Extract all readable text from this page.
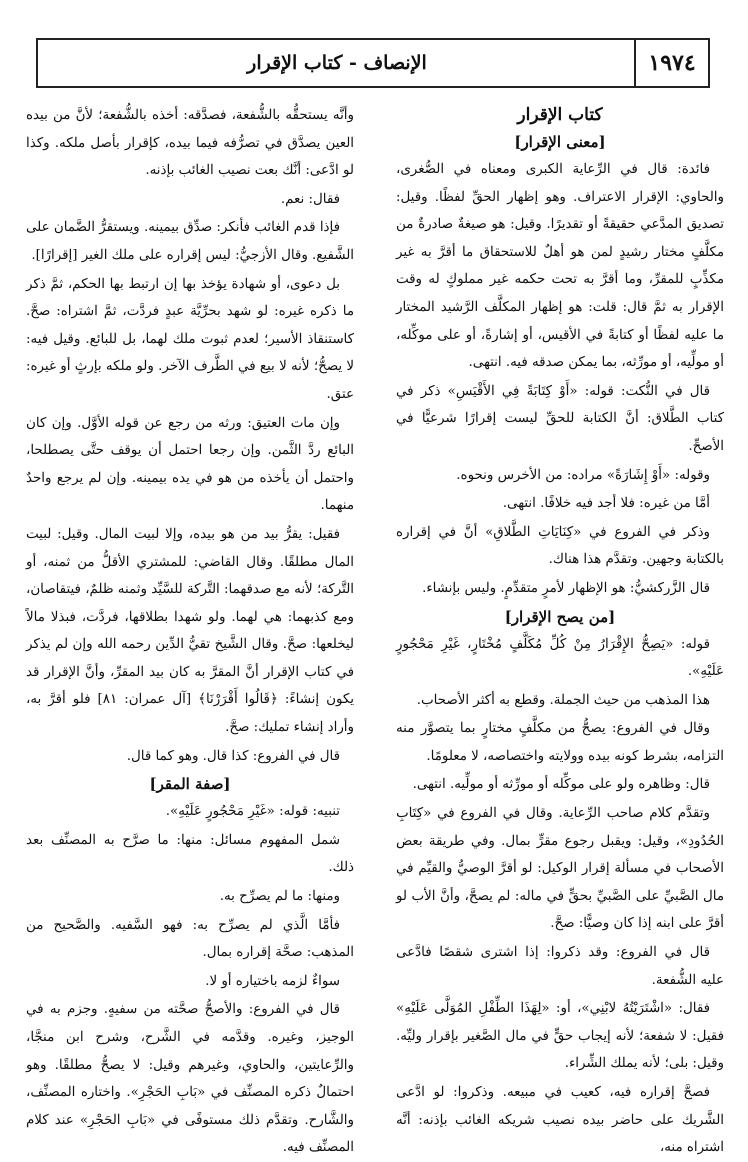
١٩٧٤
الإنصاف - كتاب الإقرار
كتاب الإقرار
[معنى الإقرار]

فائدة: قال في الرِّعاية الكبرى ومعناه في الصُّغرى، والحاوي: الإقرار الاعتراف. وهو إظهار الحقِّ لفظًا. وقيل: تصديق المدَّعي حقيقةً أو تقديرًا. وقيل: هو صيغةٌ صادرةٌ من مكلَّفٍ مختار رشيدٍ لمن هو أهلٌ للاستحقاق ما أقرَّ به غير مكذِّبٍ للمقرِّ، وما أقرَّ به تحت حكمه غير مملوكٍ له وقت الإقرار به ثمَّ قال: قلت: هو إظهار المكلَّف الرَّشيد المختار ما عليه لفظًا أو كتابةً في الأقيس، أو إشارةً، أو على موكِّله، أو مولِّيه، أو مورِّثه، بما يمكن صدقه فيه. انتهى.

قال في النُّكت: قوله: «أَوْ كِتَابَةً فِي الأَقْيَسِ» ذكر في كتاب الطَّلاق: أنَّ الكتابة للحقِّ ليست إقرارًا شرعيًّا في الأصحِّ.

وقوله: «أَوْ إِشَارَةً» مراده: من الأخرس ونحوه.

أمَّا من غيره: فلا أجد فيه خلافًا. انتهى.

وذكر في الفروع في «كِنَايَاتِ الطَّلاقِ» أنَّ في إقراره بالكتابة وجهين. وتقدَّم هذا هناك.

قال الزَّركشيُّ: هو الإظهار لأمرٍ متقدِّمٍ. وليس بإنشاء.

[من يصح الإقرار]

قوله: «يَصِحُّ الإِقْرَارُ مِنْ كُلِّ مُكَلَّفٍ مُخْتَارٍ، غَيْرِ مَحْجُورٍ عَلَيْهِ».

هذا المذهب من حيث الجملة. وقطع به أكثر الأصحاب.

وقال في الفروع: يصحُّ من مكلَّفٍ مختارٍ بما يتصوَّر منه التزامه، بشرط كونه بيده وولايته واختصاصه، لا معلومًا.

قال: وظاهره ولو على موكِّله أو مورِّثه أو مولِّيه. انتهى.

وتقدَّم كلام صاحب الرِّعاية. وقال في الفروع في «كِتَابِ الحُدُودِ»، وقيل: ويقبل رجوع مقرٍّ بمال. وفي طريقة بعض الأصحاب في مسألة إقرار الوكيل: لو أقرَّ الوصيُّ والقيِّم في مال الصَّبيِّ على الصَّبيِّ بحقٍّ في ماله: لم يصحَّ، وأنَّ الأب لو أقرَّ على ابنه إذا كان وصيًّا: صحَّ.

قال في الفروع: وقد ذكروا: إذا اشترى شقصًا فادَّعى عليه الشُّفعة.

فقال: «اشْتَرَيْتُهُ لابْنِي»، أو: «لِهَذَا الطِّفْلِ المُوَلَّى عَلَيْهِ» فقيل: لا شفعة؛ لأنه إيجاب حقٍّ في مال الصَّغير بإقرار وليِّه. وقيل: بلى؛ لأنه يملك الشِّراء.

فصحَّ إقراره فيه، كعيب في مبيعه. وذكروا: لو ادَّعى الشَّريك على حاضر بيده نصيب شريكه الغائب بإذنه: أنَّه اشتراه منه،

وأنَّه يستحقُّه بالشُّفعة، فصدَّقه: أخذه بالشُّفعة؛ لأنَّ من بيده العين يصدَّق في تصرُّفه فيما بيده، كإقرار بأصل ملكه. وكذا لو ادَّعى: أنَّك بعت نصيب الغائب بإذنه.

فقال: نعم.

فإذا قدم الغائب فأنكر: صدِّق بيمينه. ويستقرُّ الضَّمان على الشَّفيع. وقال الأزجيُّ: ليس إقراره على ملك الغير [إقرارًا].

بل دعوى، أو شهادة يؤخذ بها إن ارتبط بها الحكم، ثمَّ ذكر ما ذكره غيره: لو شهد بحرِّيَّة عبدٍ فردَّت، ثمَّ اشتراه: صحَّ. كاستنقاذ الأسير؛ لعدم ثبوت ملك لهما، بل للبائع. وقيل فيه: لا يصحُّ؛ لأنه لا بيع في الطَّرف الآخر. ولو ملكه بإرثٍ أو غيره: عتق.

وإن مات العتيق: ورثه من رجع عن قوله الأوَّل. وإن كان البائع ردَّ الثَّمن. وإن رجعا احتمل أن يوقف حتَّى يصطلحا، واحتمل أن يأخذه من هو في يده بيمينه. وإن لم يرجع واحدٌ منهما.

فقيل: يقرُّ بيد من هو بيده، وإلا لبيت المال. وقيل: لبيت المال مطلقًا. وقال القاضي: للمشتري الأقلُّ من ثمنه، أو التَّركة؛ لأنه مع صدقهما: التَّركة للسَّيِّد وثمنه ظلمٌ، فيتقاصان، ومع كذبهما: هي لهما. ولو شهدا بطلاقها، فردَّت، فبذلا مالاً ليخلعها: صحَّ. وقال الشَّيخ تقيُّ الدِّين رحمه الله وإن لم يذكر في كتاب الإقرار أنَّ المقرَّ به كان بيد المقرِّ، وأنَّ الإقرار قد يكون إنشاءً: ﴿قَالُوا أَقْرَرْنَا﴾ [آل عمران: ٨١] فلو أقرَّ به، وأراد إنشاء تمليك: صحَّ.

قال في الفروع: كذا قال. وهو كما قال.

[صفة المقر]

تنبيه: قوله: «غَيْرِ مَحْجُورٍ عَلَيْهِ».

شمل المفهوم مسائل: منها: ما صرَّح به المصنِّف بعد ذلك.

ومنها: ما لم يصرِّح به.

فأمَّا الَّذي لم يصرِّح به: فهو السَّفيه. والصَّحيح من المذهب: صحَّة إقراره بمال.

سواءٌ لزمه باختياره أو لا.

قال في الفروع: والأصحُّ صحَّته من سفيهٍ. وجزم به في الوجيز، وغيره. وقدَّمه في الشَّرح، وشرح ابن منجَّا، والرِّعايتين، والحاوي، وغيرهم وقيل: لا يصحُّ مطلقًا. وهو احتمالٌ ذكره المصنِّف في «بَابِ الحَجْرِ». واختاره المصنِّف، والشَّارح. وتقدَّم ذلك مستوفًى في «بَابِ الحَجْرِ» عند كلام المصنِّف فيه.
